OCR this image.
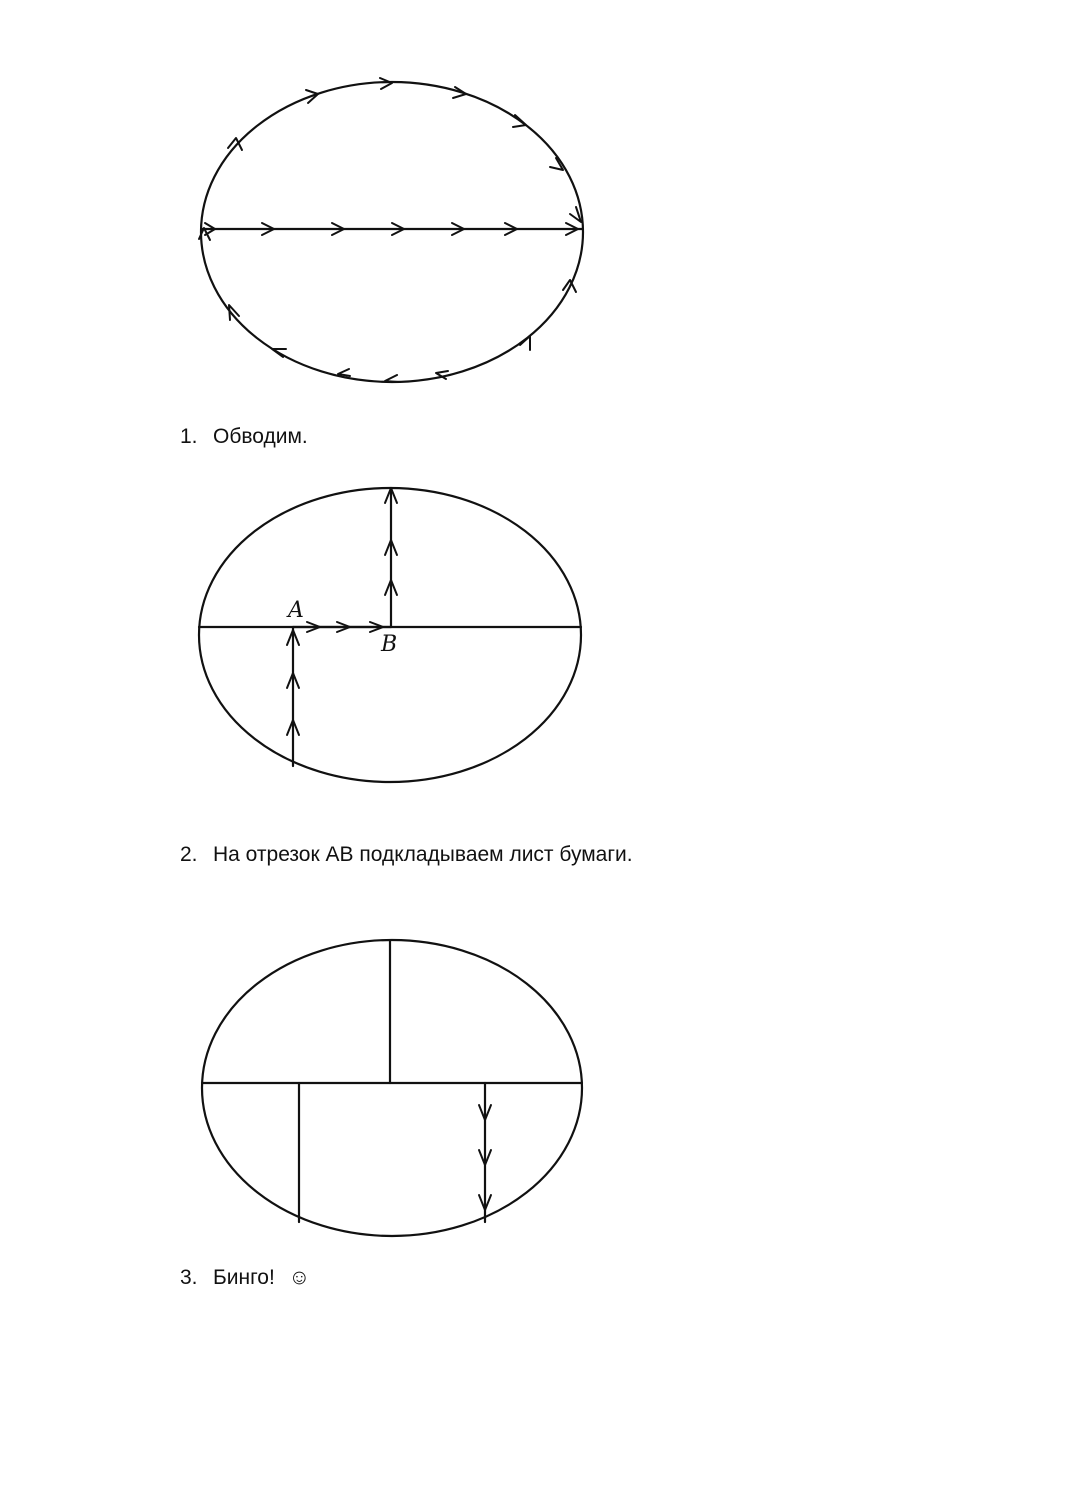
A
B
1. Обводим.
2. На отрезок АВ подкладываем лист бумаги.
3. Бинго! ☺
